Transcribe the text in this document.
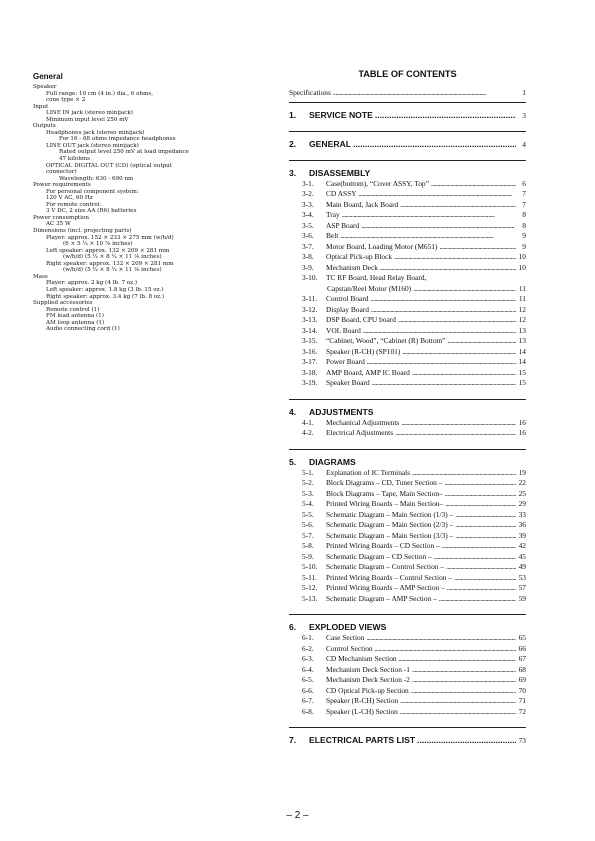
General
Speaker
Full range: 10 cm (4 in.) dia., 6 ohms,
cone type × 2
Input
LINE IN jack (stereo minijack)
Minimum input level 250 mV
Outputs
Headphones jack (stereo minijack)
For 16 - 68 ohms impedance headphones
LINE OUT jack (stereo minijack)
Rated output level 250 mV at load impedance
47 kilohms
OPTICAL DIGITAL OUT (CD) (optical output
connector)
Wavelength: 630 - 690 nm
Power requirements
For personal component system:
120 V AC, 60 Hz
For remote control:
3 V DC, 2 size AA (R6) batteries
Power consumption
AC 35 W
Dimensions (incl. projecting parts)
Player: approx. 152 × 233 × 275 mm (w/h/d)
(6 × 5 ¼ × 10 ⅞ inches)
Left speaker: approx. 132 × 209 × 281 mm
(w/h/d) (5 ¼ × 8 ¼ × 11 ⅛ inches)
Right speaker: approx. 132 × 209 × 281 mm
(w/h/d) (5 ¼ × 8 ¼ × 11 ⅛ inches)
Mass
Player: approx. 2 kg (4 lb. 7 oz.)
Left speaker: approx. 1.8 kg (3 lb. 15 oz.)
Right speaker: approx. 3.4 kg (7 lb. 8 oz.)
Supplied accessories
Remote control (1)
FM lead antenna (1)
AM loop antenna (1)
Audio connecting cord (1)
TABLE OF CONTENTS
Specifications . . .	1
1. SERVICE NOTE . . .	3
2. GENERAL . . .	4
3. DISASSEMBLY
3-1. Case(bottom), “Cover ASSY, Top” . . .	6
3-2. CD ASSY . . .	7
3-3. Main Board, Jack Board . . .	7
3-4. Tray . . .	8
3-5. ASP Board . . .	8
3-6. Belt . . .	9
3-7. Motor Board, Loading Motor (M651) . . .	9
3-8. Optical Pick-up Block . . .	10
3-9. Mechanism Deck . . .	10
3-10. TC RF Board, Head Relay Board,
Capstan/Reel Motor (M160) . . .	11
3-11. Control Board . . .	11
3-12. Display Board . . .	12
3-13. DSP Board, CPU board . . .	12
3-14. VOL Board . . .	13
3-15. “Cabinet, Wood”, “Cabinet (R) Bottom” . . .	13
3-16. Speaker (R-CH) (SP101) . . .	14
3-17. Power Board . . .	14
3-18. AMP Board, AMP IC Board . . .	15
3-19. Speaker Board . . .	15
4. ADJUSTMENTS
4-1. Mechanical Adjustments . . .	16
4-2. Electrical Adjustments . . .	16
5. DIAGRAMS
5-1. Explanation of IC Terminals . . .	19
5-2. Block Diagrams – CD, Tuner Section – . . .	22
5-3. Block Diagrams – Tape, Main Section– . . .	25
5-4. Printed Wiring Boards – Main Section– . . .	29
5-5. Schematic Diagram – Main Section (1/3) – . . .	33
5-6. Schematic Diagram – Main Section (2/3) – . . .	36
5-7. Schematic Diagram – Main Section (3/3) – . . .	39
5-8. Printed Wiring Boards – CD Section – . . .	42
5-9. Schematic Diagram – CD Section – . . .	45
5-10. Schematic Diagram – Control Section – . . .	49
5-11. Printed Wiring Boards – Control Section – . . .	53
5-12. Printed Wiring Boards – AMP Section – . . .	57
5-13. Schematic Diagram – AMP Section – . . .	59
6. EXPLODED VIEWS
6-1. Case Section . . .	65
6-2. Control Section . . .	66
6-3. CD Mechanism Section . . .	67
6-4. Mechanism Deck Section -1 . . .	68
6-5. Mechanism Deck Section -2 . . .	69
6-6. CD Optical Pick-up Section . . .	70
6-7. Speaker (R-CH) Section . . .	71
6-8. Speaker (L-CH) Section . . .	72
7. ELECTRICAL PARTS LIST . . .	73
– 2 –
